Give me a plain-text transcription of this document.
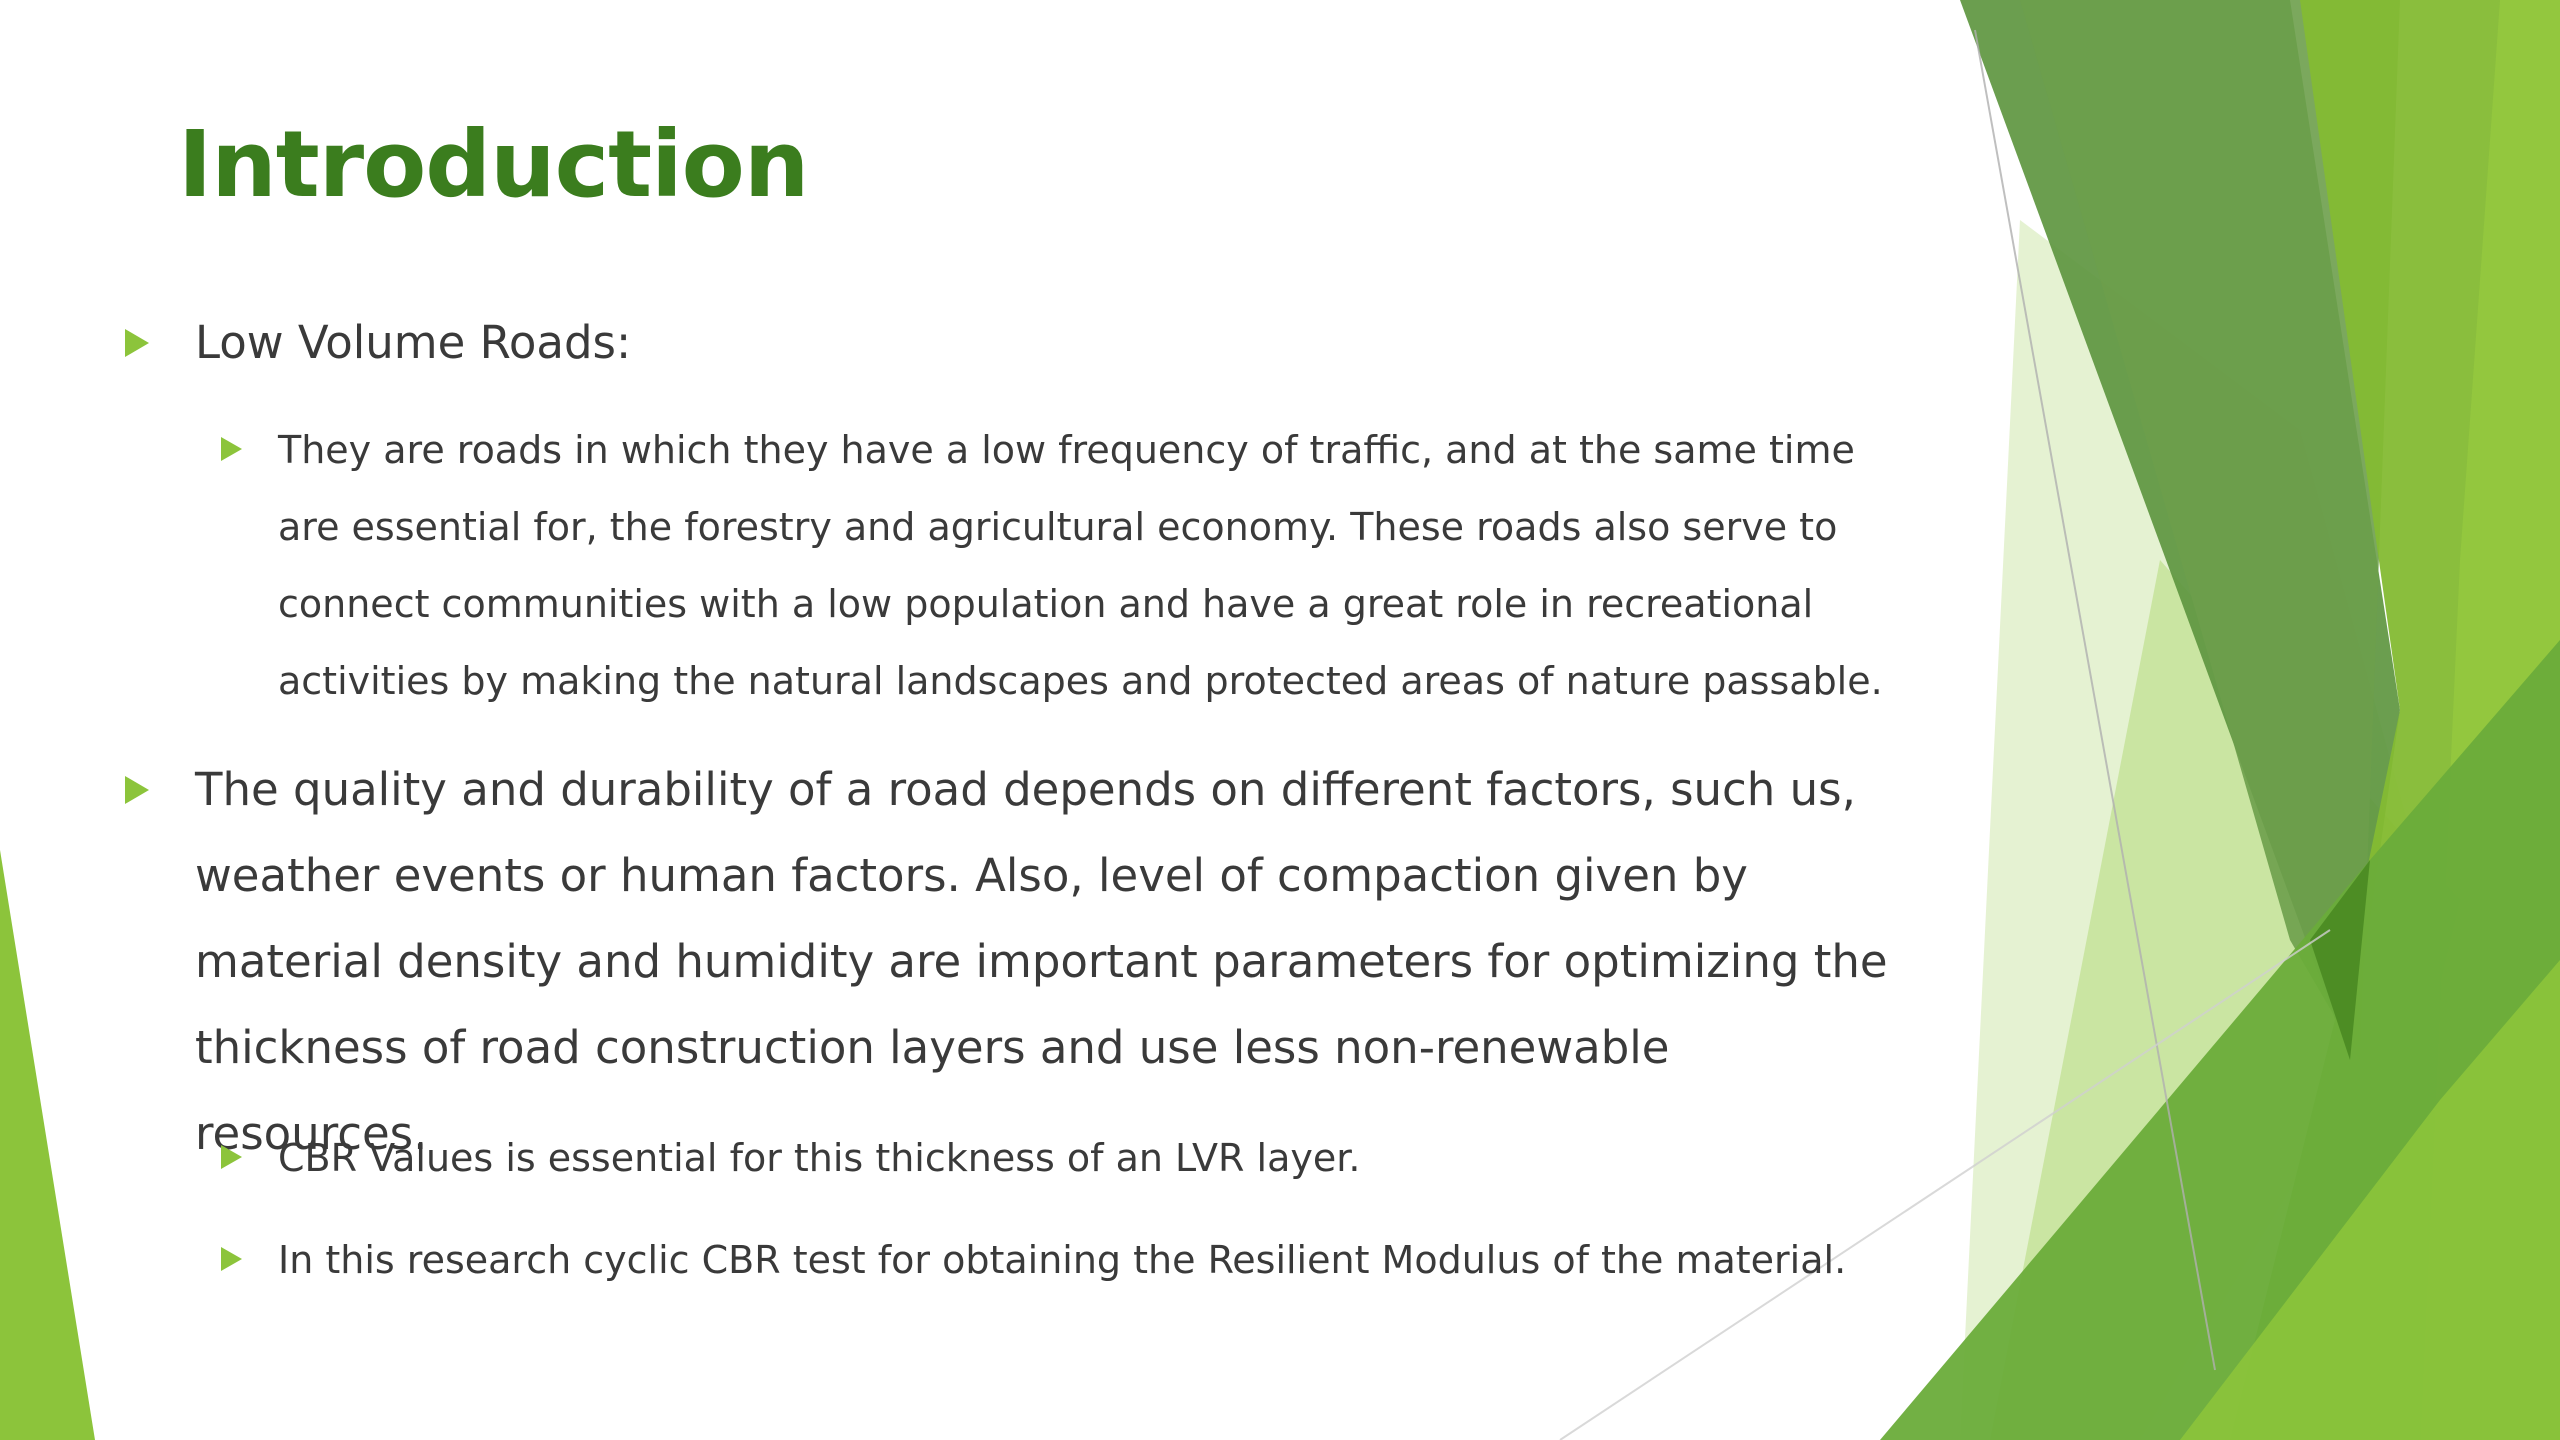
Introduction
Low Volume Roads:
They are roads in which they have a low frequency of traffic, and at the same time are essential for, the forestry and agricultural economy. These roads also serve to connect communities with a low population and have a great role in recreational activities by making the natural landscapes and protected areas of nature passable.
The quality and durability of a road depends on different factors, such us, weather events or human factors. Also, level of compaction given by material density and humidity are important parameters for optimizing the thickness of road construction layers and use less non-renewable resources.
CBR Values is essential for this thickness of an LVR layer.
In this research cyclic CBR test for obtaining the Resilient Modulus of the material.
